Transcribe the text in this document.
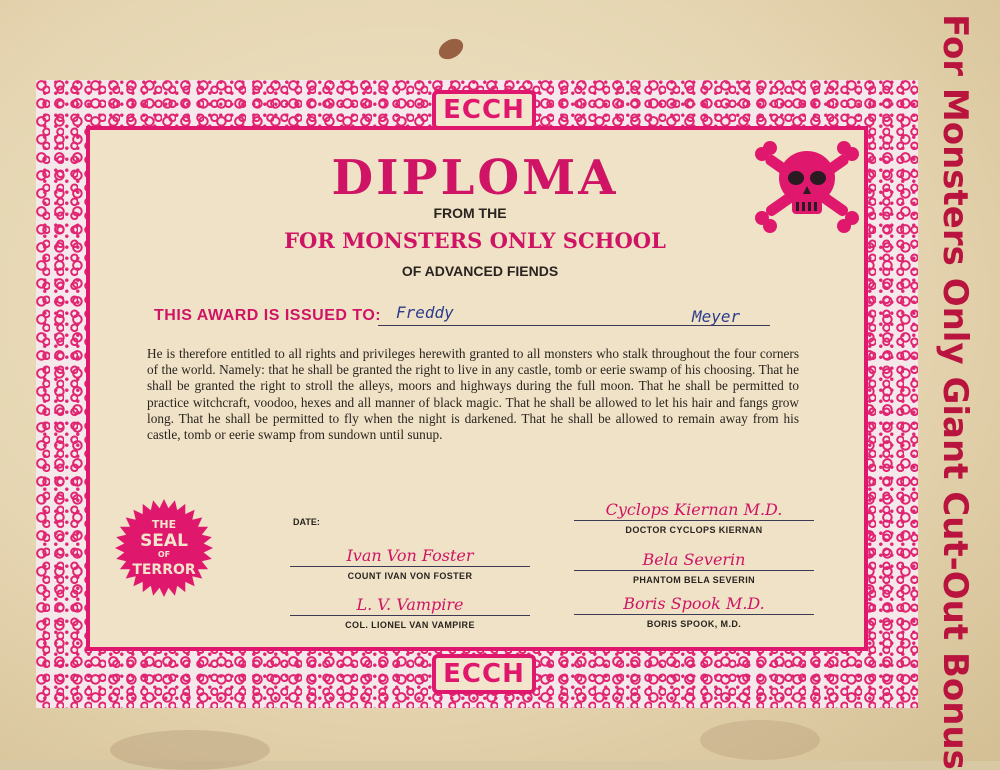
ECCH
ECCH
DIPLOMA
FROM THE
FOR MONSTERS ONLY SCHOOL
OF ADVANCED FIENDS
THIS AWARD IS ISSUED TO: Freddy	Meyer
He is therefore entitled to all rights and privileges herewith granted to all monsters who stalk throughout the four corners of the world. Namely: that he shall be granted the right to live in any castle, tomb or eerie swamp of his choosing. That he shall be granted the right to stroll the alleys, moors and highways during the full moon. That he shall be permitted to practice witchcraft, voodoo, hexes and all manner of black magic. That he shall be allowed to let his hair and fangs grow long. That he shall be permitted to fly when the night is darkened. That he shall be allowed to remain away from his castle, tomb or eerie swamp from sundown until sunup.
THE
SEAL
OF
TERROR
DATE:
Cyclops Kiernan M.D.
DOCTOR CYCLOPS KIERNAN
Ivan Von Foster
COUNT IVAN VON FOSTER
Bela Severin
PHANTOM BELA SEVERIN
L. V. Vampire
COL. LIONEL VAN VAMPIRE
Boris Spook M.D.
BORIS SPOOK, M.D.	For Monsters Only Giant Cut-Out Bonus
